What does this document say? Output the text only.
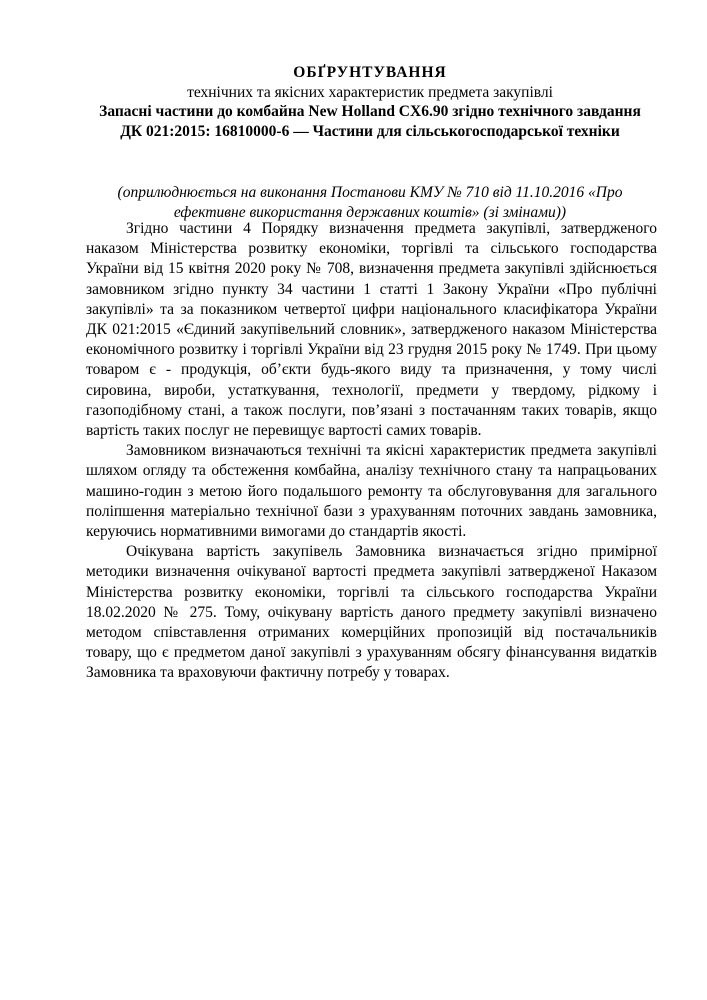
ОБҐРУНТУВАННЯ
технічних та якісних характеристик предмета закупівлі
Запасні частини до комбайна New Holland CX6.90 згідно технічного завдання ДК 021:2015: 16810000-6 — Частини для сільськогосподарської техніки
(оприлюднюється на виконання Постанови КМУ № 710 від 11.10.2016 «Про ефективне використання державних коштів» (зі змінами))

Згідно частини 4 Порядку визначення предмета закупівлі, затвердженого наказом Міністерства розвитку економіки, торгівлі та сільського господарства України від 15 квітня 2020 року № 708, визначення предмета закупівлі здійснюється замовником згідно пункту 34 частини 1 статті 1 Закону України «Про публічні закупівлі» та за показником четвертої цифри національного класифікатора України ДК 021:2015 «Єдиний закупівельний словник», затвердженого наказом Міністерства економічного розвитку і торгівлі України від 23 грудня 2015 року № 1749. При цьому товаром є - продукція, об’єкти будь-якого виду та призначення, у тому числі сировина, вироби, устаткування, технології, предмети у твердому, рідкому і газоподібному стані, а також послуги, пов’язані з постачанням таких товарів, якщо вартість таких послуг не перевищує вартості самих товарів.

Замовником визначаються технічні та якісні характеристик предмета закупівлі шляхом огляду та обстеження комбайна, аналізу технічного стану та напрацьованих машино-годин з метою його подальшого ремонту та обслуговування для загального поліпшення матеріально технічної бази з урахуванням поточних завдань замовника, керуючись нормативними вимогами до стандартів якості.

Очікувана вартість закупівель Замовника визначається згідно примірної методики визначення очікуваної вартості предмета закупівлі затвердженої Наказом Міністерства розвитку економіки, торгівлі та сільського господарства України 18.02.2020 № 275. Тому, очікувану вартість даного предмету закупівлі визначено методом співставлення отриманих комерційних пропозицій від постачальників товару, що є предметом даної закупівлі з урахуванням обсягу фінансування видатків Замовника та враховуючи фактичну потребу у товарах.
